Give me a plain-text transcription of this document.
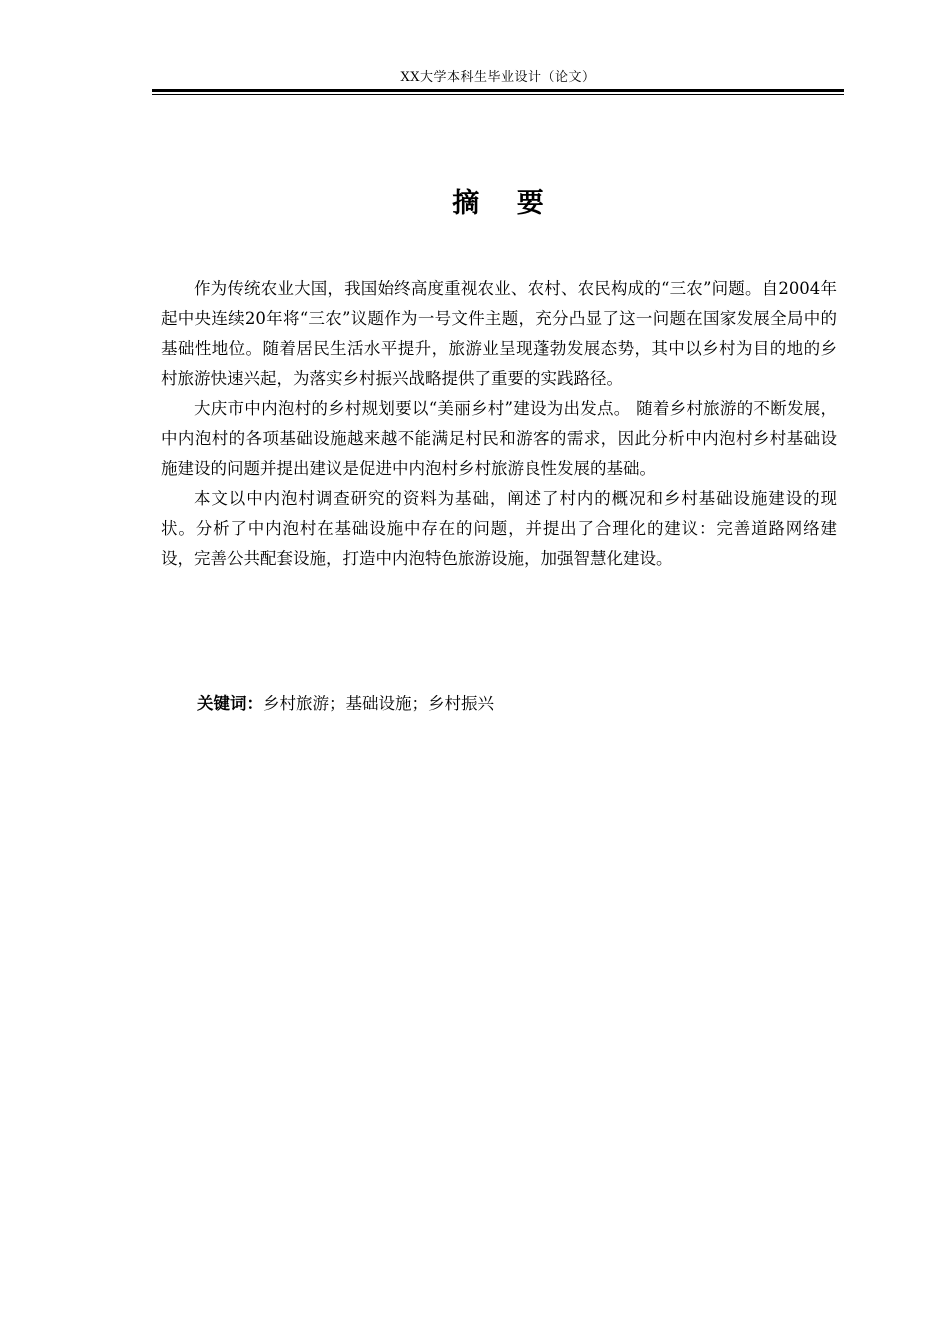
XX大学本科生毕业设计（论文）
摘 要

作为传统农业大国，我国始终高度重视农业、农村、农民构成的“三农”问题。自2004年起中央连续20年将“三农”议题作为一号文件主题，充分凸显了这一问题在国家发展全局中的基础性地位。随着居民生活水平提升，旅游业呈现蓬勃发展态势，其中以乡村为目的地的乡村旅游快速兴起，为落实乡村振兴战略提供了重要的实践路径。

大庆市中内泡村的乡村规划要以“美丽乡村”建设为出发点。 随着乡村旅游的不断发展，中内泡村的各项基础设施越来越不能满足村民和游客的需求，因此分析中内泡村乡村基础设施建设的问题并提出建议是促进中内泡村乡村旅游良性发展的基础。

本文以中内泡村调查研究的资料为基础，阐述了村内的概况和乡村基础设施建设的现状。分析了中内泡村在基础设施中存在的问题，并提出了合理化的建议：完善道路网络建设，完善公共配套设施，打造中内泡特色旅游设施，加强智慧化建设。

关键词：乡村旅游；基础设施；乡村振兴
